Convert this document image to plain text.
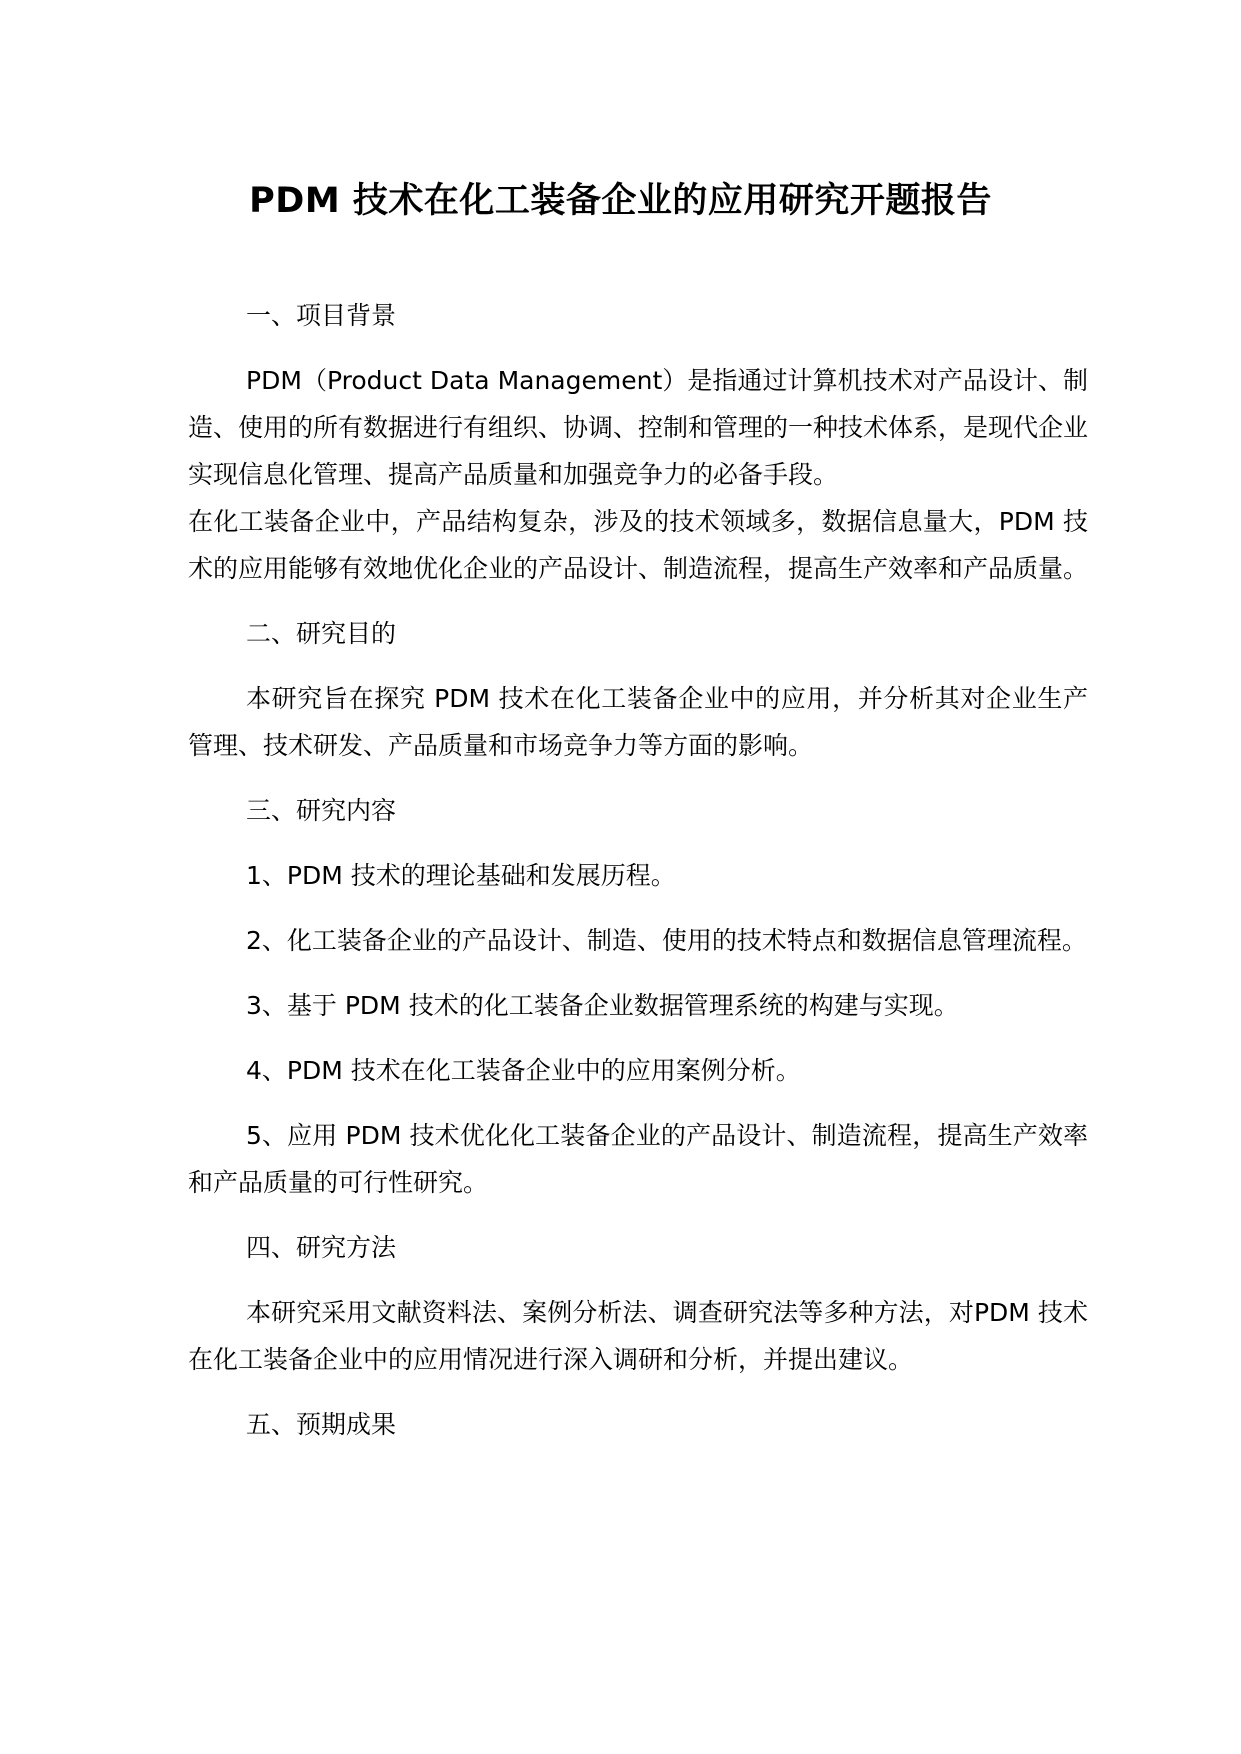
PDM 技术在化工装备企业的应用研究开题报告

一、项目背景

PDM（Product Data Management）是指通过计算机技术对产品设计、制造、使用的所有数据进行有组织、协调、控制和管理的一种技术体系，是现代企业实现信息化管理、提高产品质量和加强竞争力的必备手段。

在化工装备企业中，产品结构复杂，涉及的技术领域多，数据信息量大，PDM 技术的应用能够有效地优化企业的产品设计、制造流程，提高生产效率和产品质量。

二、研究目的

本研究旨在探究 PDM 技术在化工装备企业中的应用，并分析其对企业生产管理、技术研发、产品质量和市场竞争力等方面的影响。

三、研究内容

1、PDM 技术的理论基础和发展历程。

2、化工装备企业的产品设计、制造、使用的技术特点和数据信息管理流程。

3、基于 PDM 技术的化工装备企业数据管理系统的构建与实现。

4、PDM 技术在化工装备企业中的应用案例分析。

5、应用 PDM 技术优化化工装备企业的产品设计、制造流程，提高生产效率和产品质量的可行性研究。

四、研究方法

本研究采用文献资料法、案例分析法、调查研究法等多种方法，对PDM 技术在化工装备企业中的应用情况进行深入调研和分析，并提出建议。

五、预期成果
